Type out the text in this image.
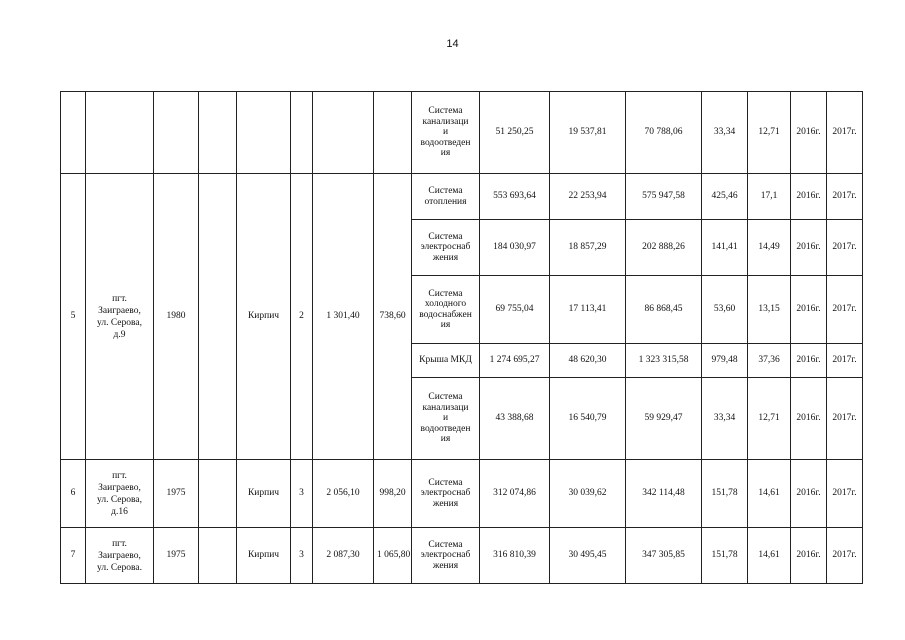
14
								Система
канализаци
и
водоотведен
ия	51 250,25	19 537,81	70 788,06	33,34	12,71	2016г.	2017г.
5	пгт.
Заиграево,
ул. Серова,
д.9	1980		Кирпич	2	1 301,40	738,60	Система
отопления	553 693,64	22 253,94	575 947,58	425,46	17,1	2016г.	2017г.
								Система
электроснаб
жения	184 030,97	18 857,29	202 888,26	141,41	14,49	2016г.	2017г.
								Система
холодного
водоснабжен
ия	69 755,04	17 113,41	86 868,45	53,60	13,15	2016г.	2017г.
								Крыша МКД	1 274 695,27	48 620,30	1 323 315,58	979,48	37,36	2016г.	2017г.
								Система
канализаци
и
водоотведен
ия	43 388,68	16 540,79	59 929,47	33,34	12,71	2016г.	2017г.
6	пгт.
Заиграево,
ул. Серова,
д.16	1975		Кирпич	3	2 056,10	998,20	Система
электроснаб
жения	312 074,86	30 039,62	342 114,48	151,78	14,61	2016г.	2017г.
7	пгт.
Заиграево,
ул. Серова.	1975		Кирпич	3	2 087,30	1 065,80	Система
электроснаб
жения	316 810,39	30 495,45	347 305,85	151,78	14,61	2016г.	2017г.
